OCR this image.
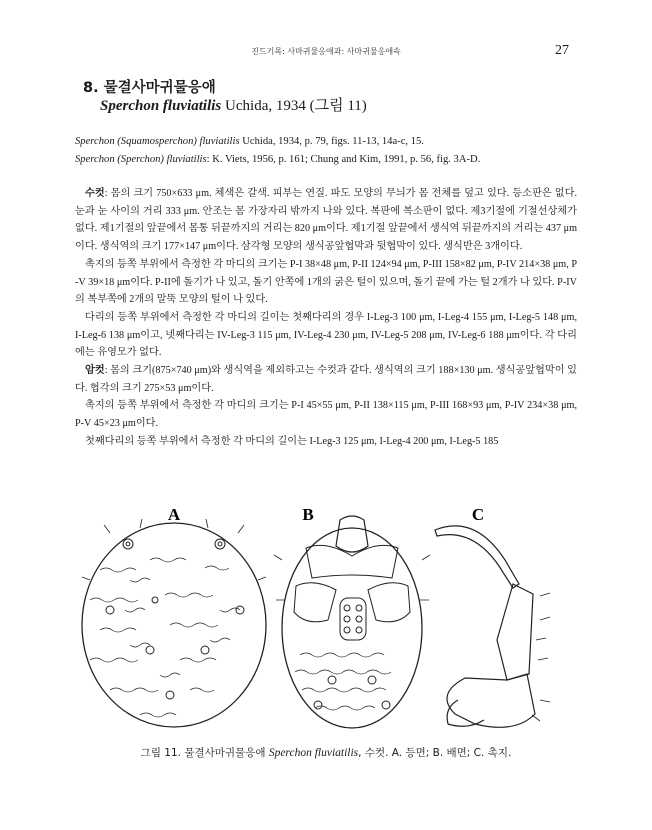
진드기목: 사마귀물응애과: 사마귀물응애속	27
8. 물결사마귀물응애
Sperchon fluviatilis Uchida, 1934 (그림 11)
Sperchon (Squamosperchon) fluviatilis Uchida, 1934, p. 79, figs. 11-13, 14a-c, 15.
Sperchon (Sperchon) fluviatilis: K. Viets, 1956, p. 161; Chung and Kim, 1991, p. 56, fig. 3A-D.

수컷: 몸의 크기 750×633 μm. 체색은 갈색. 피부는 연질. 파도 모양의 무늬가 몸 전체를 덮고 있다. 등소판은 없다. 눈과 눈 사이의 거리 333 μm. 안조는 몸 가장자리 밖까지 나와 있다. 복판에 복소판이 없다. 제3기절에 기절선상체가 없다. 제1기절의 앞끝에서 몸통 뒤끝까지의 거리는 820 μm이다. 제1기절 앞끝에서 생식역 뒤끝까지의 거리는 437 μm이다. 생식역의 크기 177×147 μm이다. 삼각형 모양의 생식공앞협막과 뒷협막이 있다. 생식반은 3개이다.

촉지의 등쪽 부위에서 측정한 각 마디의 크기는 P-I 38×48 μm, P-II 124×94 μm, P-III 158×82 μm, P-IV 214×38 μm, P-V 39×18 μm이다. P-II에 돌기가 나 있고, 돌기 안쪽에 1개의 굵은 털이 있으며, 돌기 끝에 가는 털 2개가 나 있다. P-IV의 복부쪽에 2개의 말뚝 모양의 털이 나 있다.

다리의 등쪽 부위에서 측정한 각 마디의 길이는 첫째다리의 경우 I-Leg-3 100 μm, I-Leg-4 155 μm, I-Leg-5 148 μm, I-Leg-6 138 μm이고, 넷째다리는 IV-Leg-3 115 μm, IV-Leg-4 230 μm, IV-Leg-5 208 μm, IV-Leg-6 188 μm이다. 각 다리에는 유영모가 없다.

암컷: 몸의 크기(875×740 μm)와 생식역을 제외하고는 수컷과 같다. 생식역의 크기 188×130 μm. 생식공앞협막이 있다. 협각의 크기 275×53 μm이다.

촉지의 등쪽 부위에서 측정한 각 마디의 크기는 P-I 45×55 μm, P-II 138×115 μm, P-III 168×93 μm, P-IV 234×38 μm, P-V 45×23 μm이다.

첫째다리의 등쪽 부위에서 측정한 각 마디의 길이는 I-Leg-3 125 μm, I-Leg-4 200 μm, I-Leg-5 185

A	B	C
그림 11. 물결사마귀물응애 Sperchon fluviatilis, 수컷. A. 등면; B. 배면; C. 촉지.
